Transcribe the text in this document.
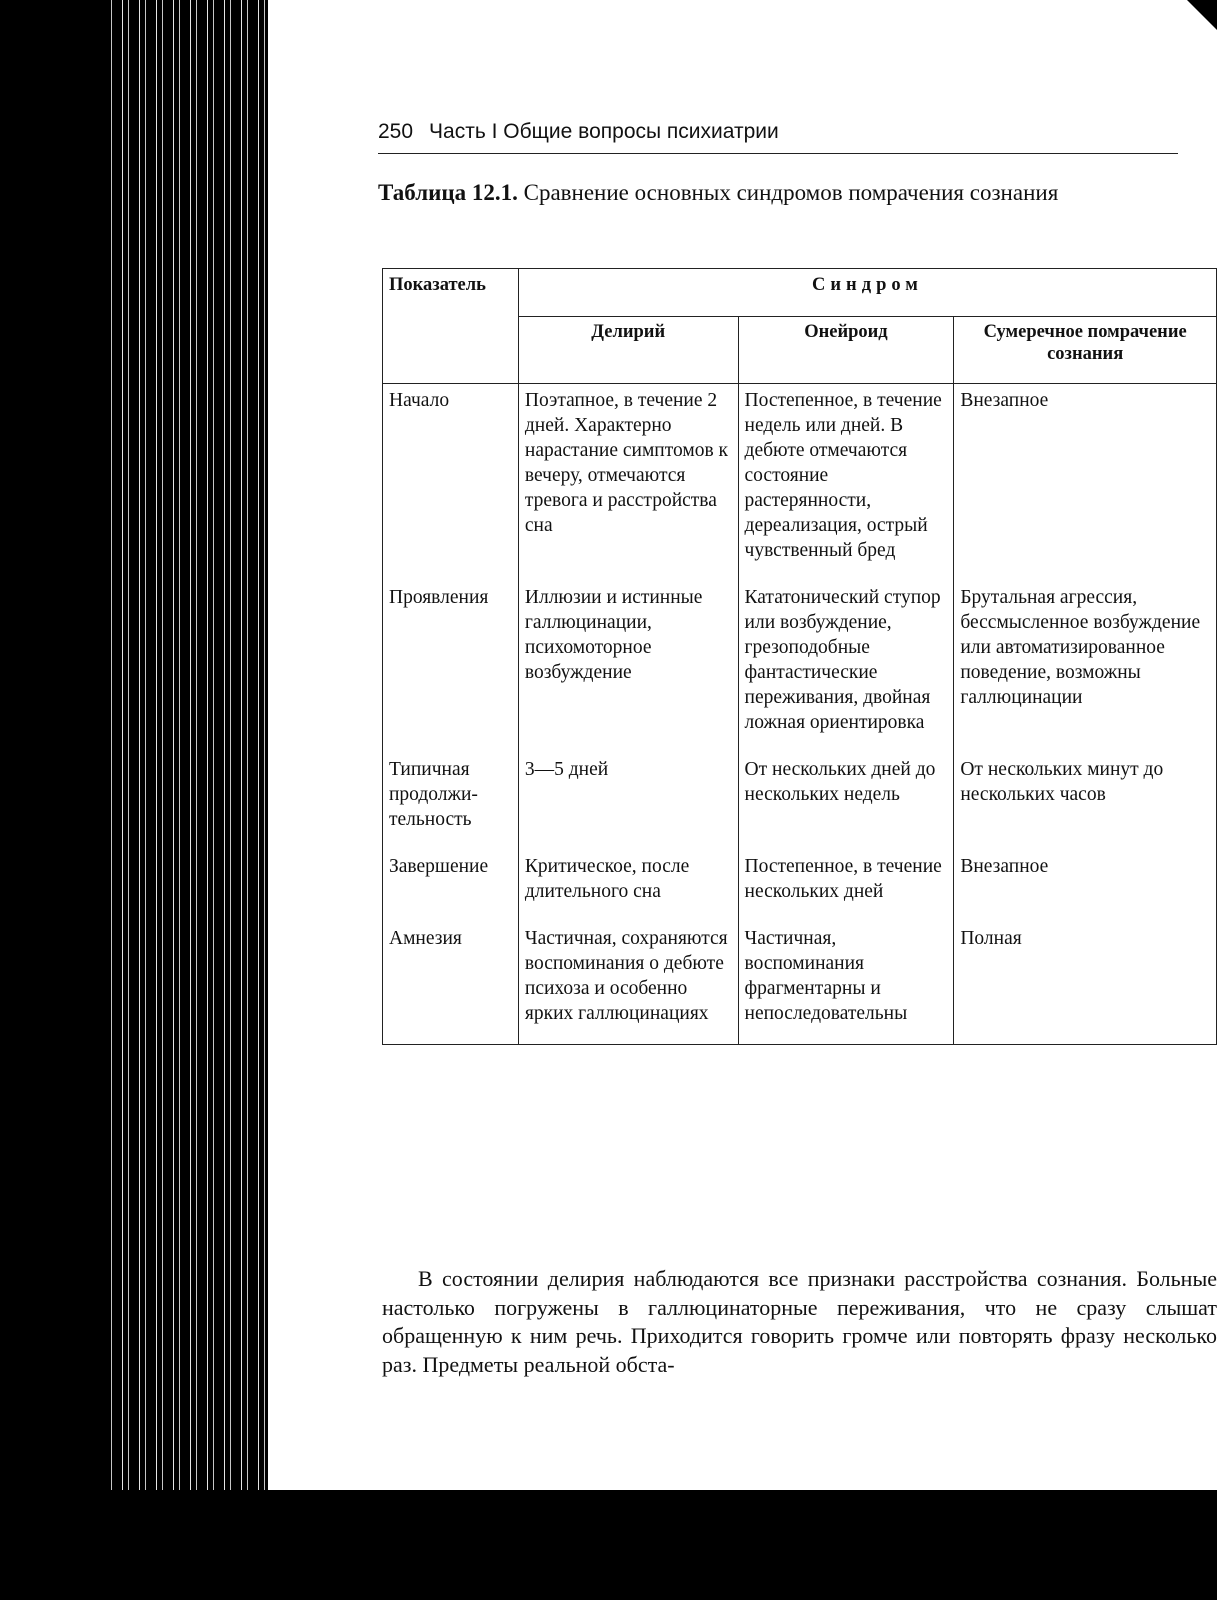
250 Часть I Общие вопросы психиатрии
Таблица 12.1. Сравнение основных синдромов помрачения сознания
Показатель	Синдром		
	Делирий	Онейроид	Сумеречное помрачение сознания
Начало	Поэтапное, в течение 2 дней. Характерно нарастание симптомов к вечеру, отмечаются тревога и расстройства сна	Постепенное, в течение недель или дней. В дебюте отмечаются состояние растерянности, дереализация, острый чувственный бред	Внезапное
Проявления	Иллюзии и истинные галлюцинации, психомоторное возбуждение	Кататонический ступор или возбуждение, грезоподобные фантастические переживания, двойная ложная ориентировка	Брутальная агрессия, бессмысленное возбуждение или автоматизированное поведение, возможны галлюцинации
Типичная продолжи-тельность	3—5 дней	От нескольких дней до нескольких недель	От нескольких минут до нескольких часов
Завершение	Критическое, после длительного сна	Постепенное, в течение нескольких дней	Внезапное
Амнезия	Частичная, сохраняются воспоминания о дебюте психоза и особенно ярких галлюцинациях	Частичная, воспоминания фрагментарны и непоследовательны	Полная

В состоянии делирия наблюдаются все признаки расстройства сознания. Больные настолько погружены в галлюцинаторные переживания, что не сразу слышат обращенную к ним речь. Приходится говорить громче или повторять фразу несколько раз. Предметы реальной обста-
